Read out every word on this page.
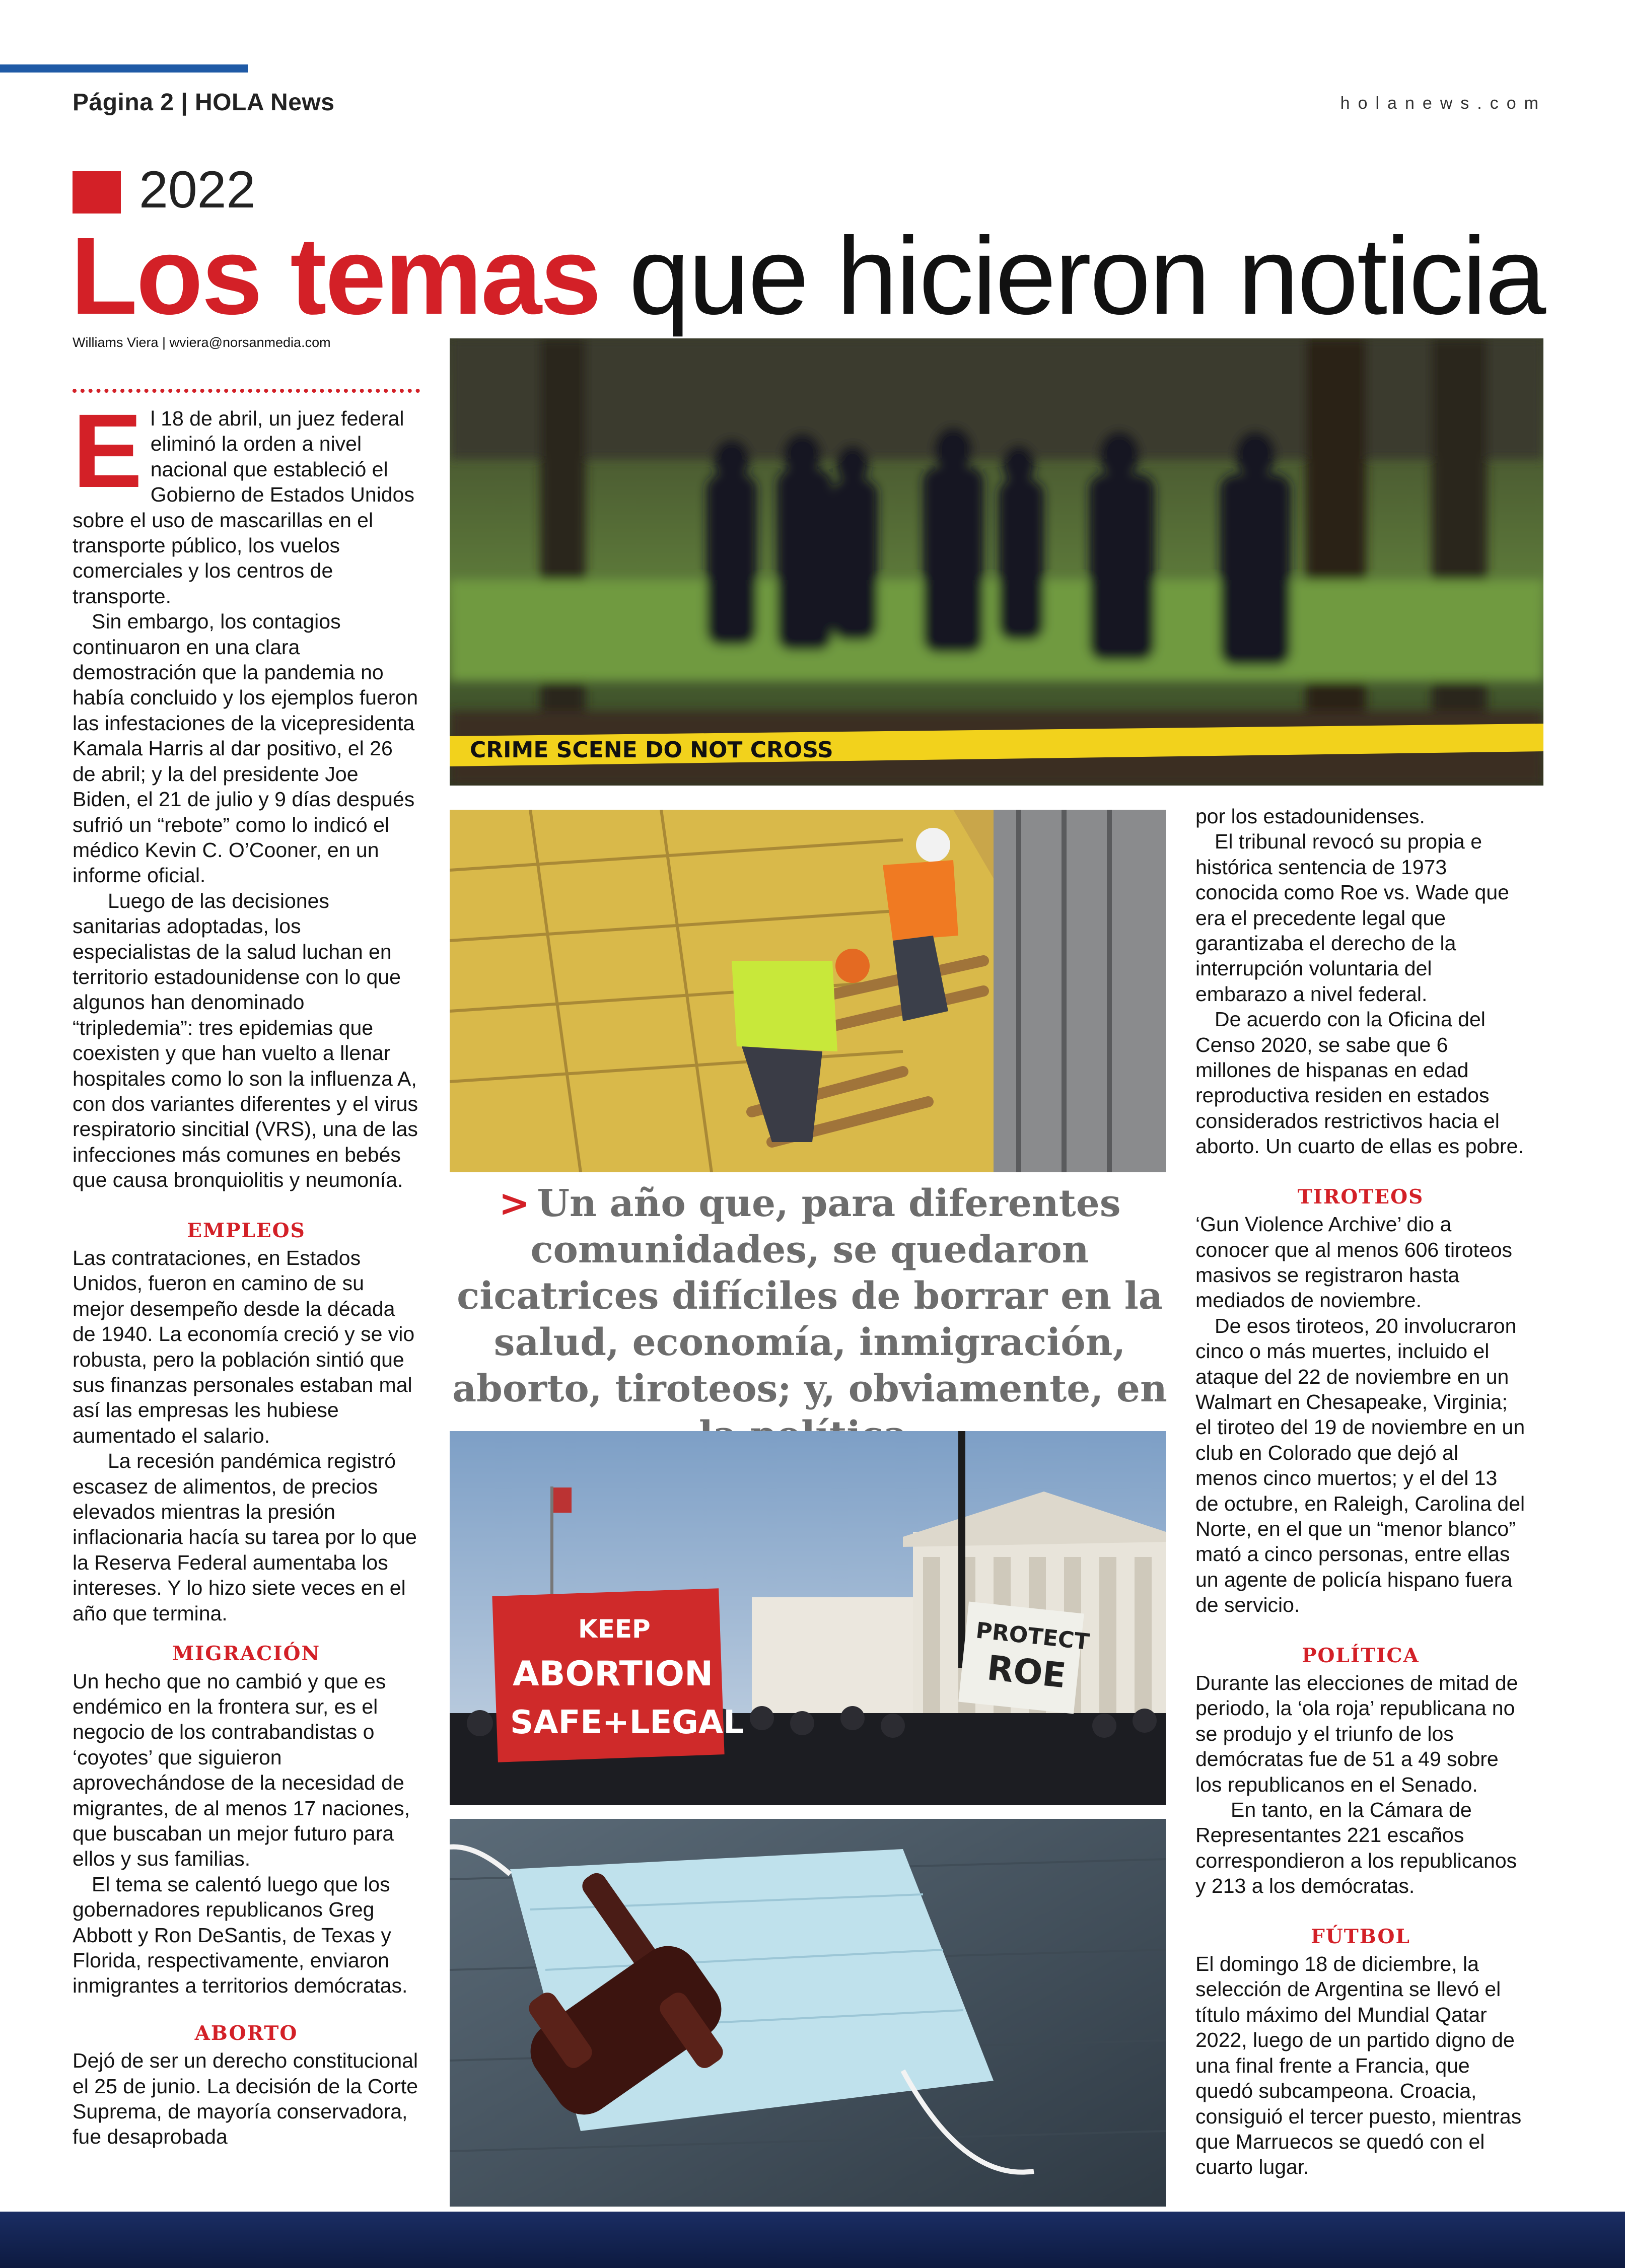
Página 2 | HOLA News	holanews.com
2022
Los temas que hicieron noticia
Williams Viera | wviera@norsanmedia.com

El 18 de abril, un juez federal eliminó la orden a nivel nacional que estableció el Gobierno de Estados Unidos sobre el uso de mascarillas en el transporte público, los vuelos comerciales y los centros de transporte.

Sin embargo, los contagios continuaron en una clara demostración que la pandemia no había concluido y los ejemplos fueron las infestaciones de la vicepresidenta Kamala Harris al dar positivo, el 26 de abril; y la del presidente Joe Biden, el 21 de julio y 9 días después sufrió un “rebote” como lo indicó el médico Kevin C. O’Cooner, en un informe oficial.

Luego de las decisiones sanitarias adoptadas, los especialistas de la salud luchan en territorio estadounidense con lo que algunos han denominado “tripledemia”: tres epidemias que coexisten y que han vuelto a llenar hospitales como lo son la influenza A, con dos variantes diferentes y el virus respiratorio sincitial (VRS), una de las infecciones más comunes en bebés que causa bronquiolitis y neumonía.

EMPLEOS

Las contrataciones, en Estados Unidos, fueron en camino de su mejor desempeño desde la década de 1940. La economía creció y se vio robusta, pero la población sintió que sus finanzas personales estaban mal así las empresas les hubiese aumentado el salario.

La recesión pandémica registró escasez de alimentos, de precios elevados mientras la presión inflacionaria hacía su tarea por lo que la Reserva Federal aumentaba los intereses. Y lo hizo siete veces en el año que termina.

MIGRACIÓN

Un hecho que no cambió y que es endémico en la frontera sur, es el negocio de los contrabandistas o ‘coyotes’ que siguieron aprovechándose de la necesidad de migrantes, de al menos 17 naciones, que buscaban un mejor futuro para ellos y sus familias.

El tema se calentó luego que los gobernadores republicanos Greg Abbott y Ron DeSantis, de Texas y Florida, respectivamente, enviaron inmigrantes a territorios demócratas.

ABORTO

Dejó de ser un derecho constitucional el 25 de junio. La decisión de la Corte Suprema, de mayoría conservadora, fue desaprobada

CRIME SCENE DO NOT CROSS
> Un año que, para diferentes comunidades, se quedaron cicatrices difíciles de borrar en la salud, economía, inmigración, aborto, tiroteos; y, obviamente, en
KEEP
ABORTION
SAFE+LEGAL
PROTECT
ROE

por los estadounidenses.

El tribunal revocó su propia e histórica sentencia de 1973 conocida como Roe vs. Wade que era el precedente legal que garantizaba el derecho de la interrupción voluntaria del embarazo a nivel federal.

De acuerdo con la Oficina del Censo 2020, se sabe que 6 millones de hispanas en edad reproductiva residen en estados considerados restrictivos hacia el aborto. Un cuarto de ellas es pobre.

TIROTEOS

‘Gun Violence Archive’ dio a conocer que al menos 606 tiroteos masivos se registraron hasta mediados de noviembre.

De esos tiroteos, 20 involucraron cinco o más muertes, incluido el ataque del 22 de noviembre en un Walmart en Chesapeake, Virginia; el tiroteo del 19 de noviembre en un club en Colorado que dejó al menos cinco muertos; y el del 13 de octubre, en Raleigh, Carolina del Norte, en el que un “menor blanco” mató a cinco personas, entre ellas un agente de policía hispano fuera de servicio.

POLÍTICA

Durante las elecciones de mitad de periodo, la ‘ola roja’ republicana no se produjo y el triunfo de los demócratas fue de 51 a 49 sobre los republicanos en el Senado.

En tanto, en la Cámara de Representantes 221 escaños correspondieron a los republicanos y 213 a los demócratas.

FÚTBOL

El domingo 18 de diciembre, la selección de Argentina se llevó el título máximo del Mundial Qatar 2022, luego de un partido digno de una final frente a Francia, que quedó subcampeona. Croacia, consiguió el tercer puesto, mientras que Marruecos se quedó con el cuarto lugar.
